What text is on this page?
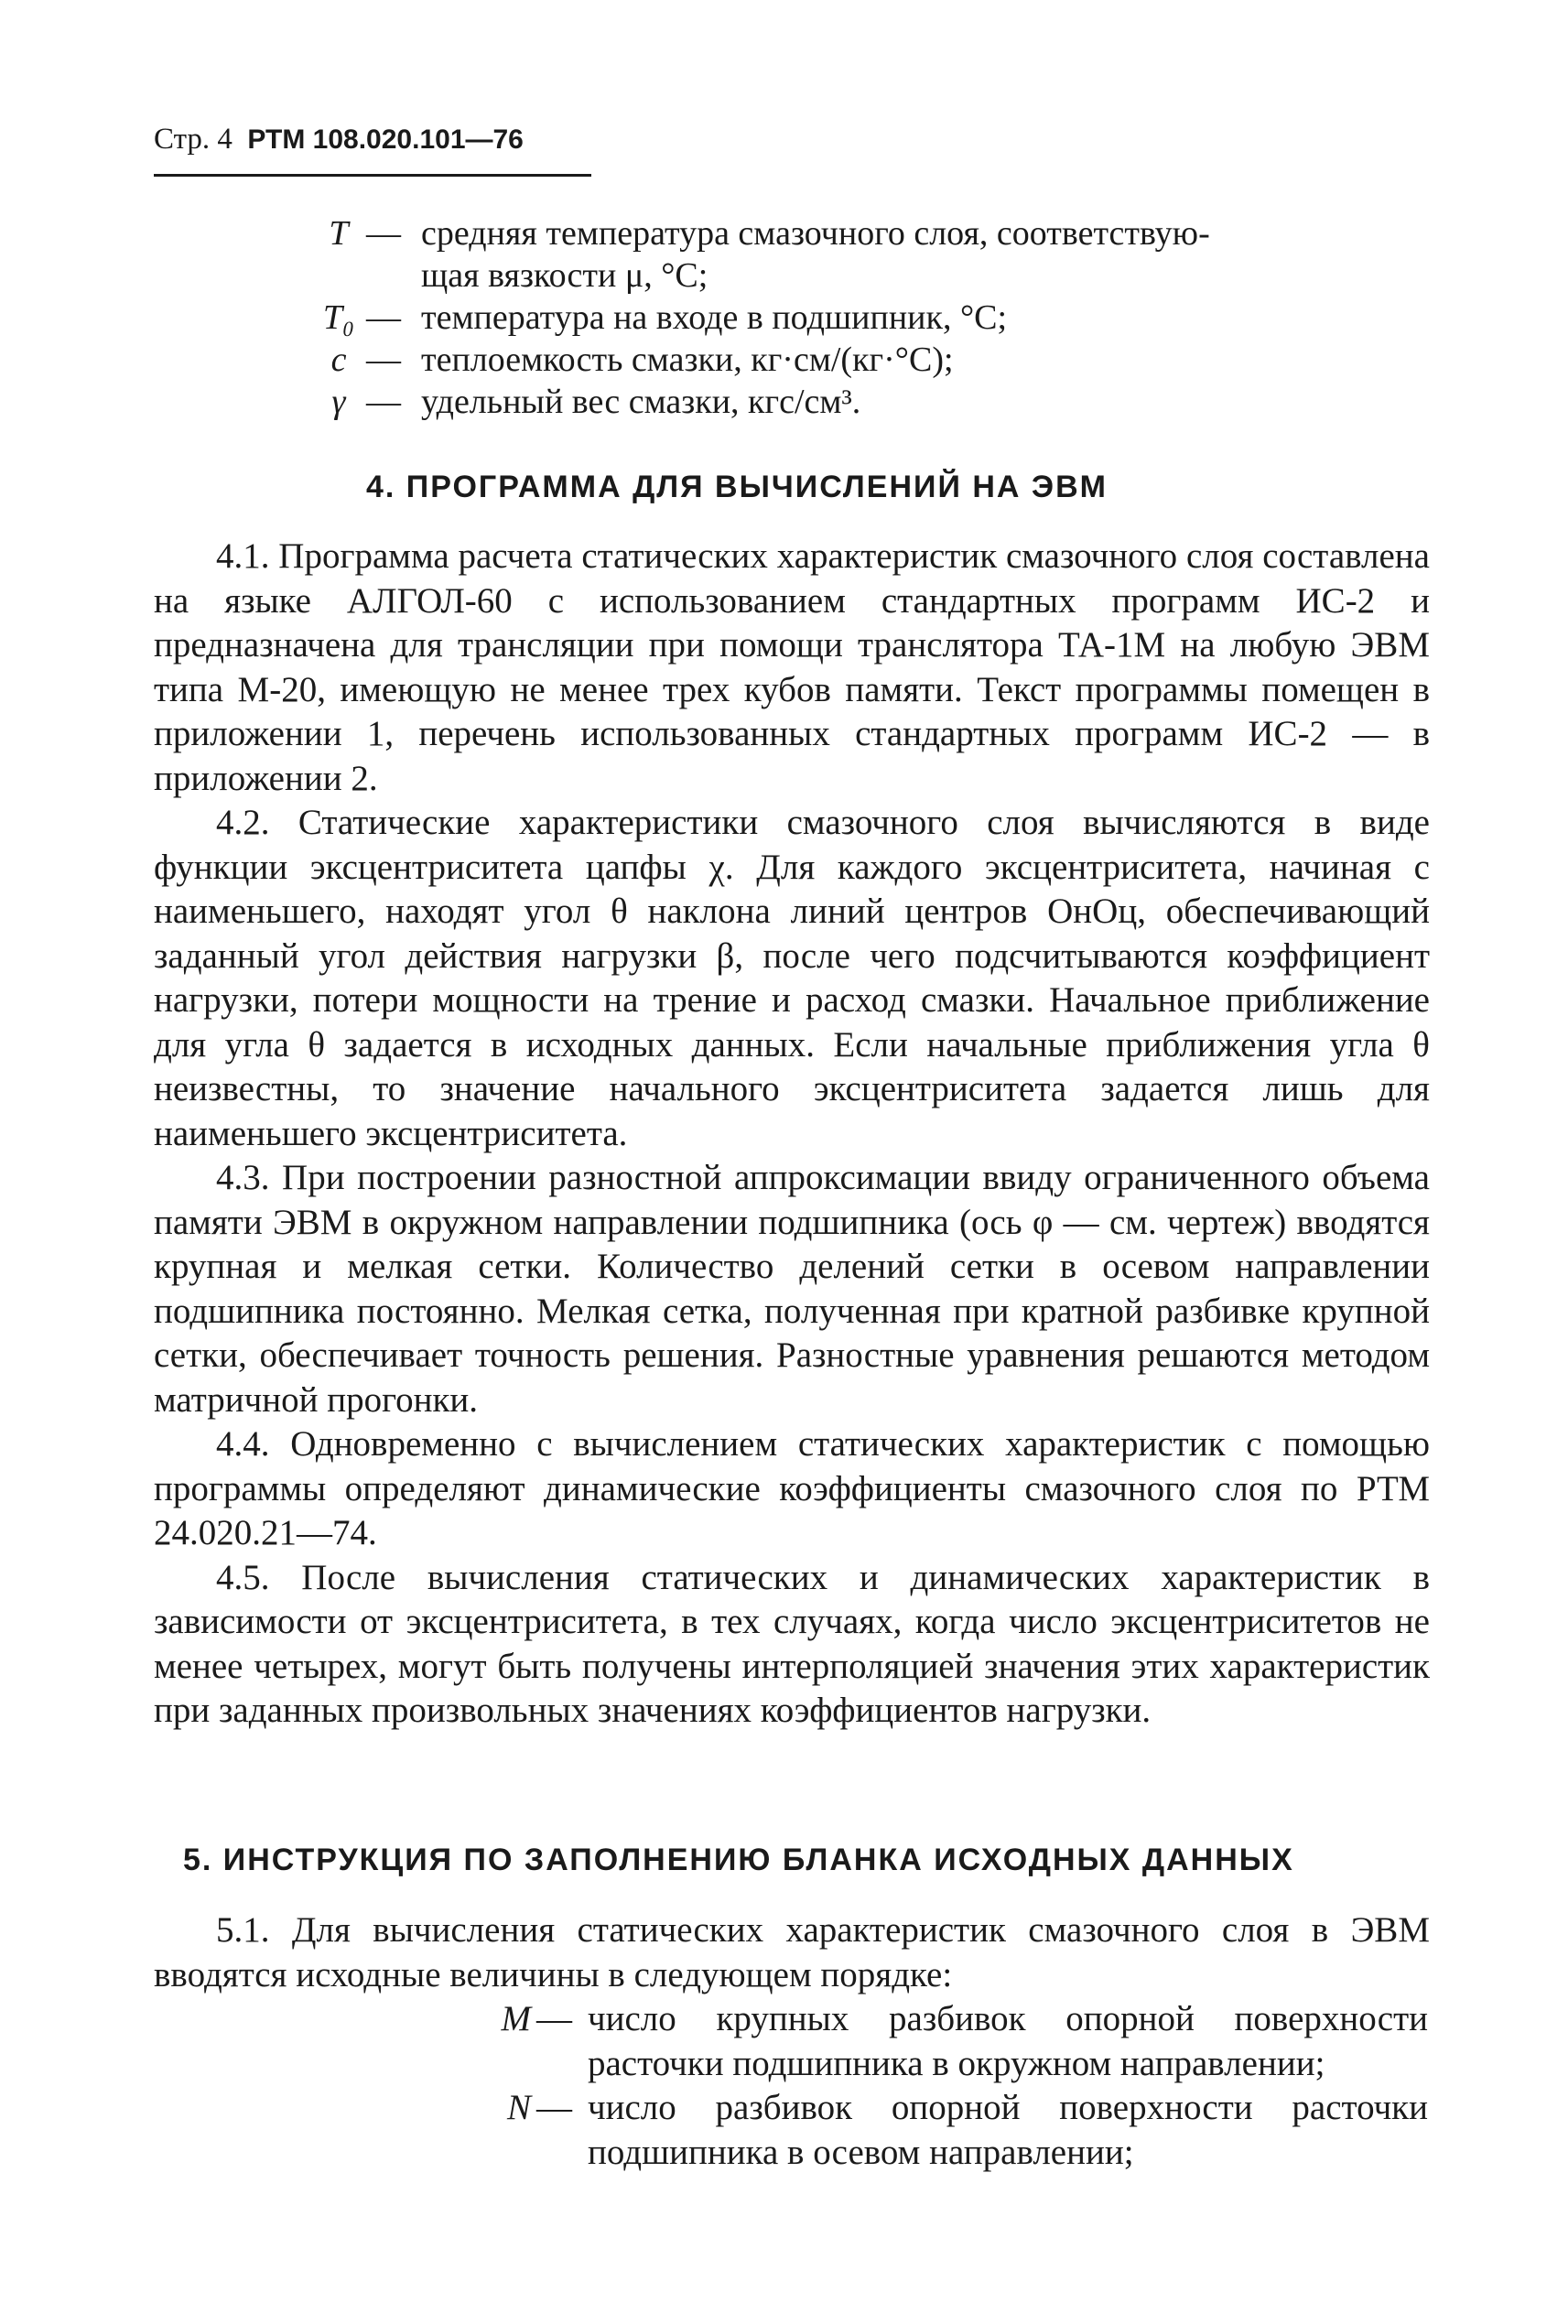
Стр. 4 РТМ 108.020.101—76
T — средняя температура смазочного слоя, соответствую-
щая вязкости μ, °C;
T₀ — температура на входе в подшипник, °С;
c — теплоемкость смазки, кг·см/(кг·°С);
γ — удельный вес смазки, кгс/см³.
4. ПРОГРАММА ДЛЯ ВЫЧИСЛЕНИЙ НА ЭВМ

4.1. Программа расчета статических характеристик смазочного слоя составлена на языке АЛГОЛ-60 с использованием стандартных программ ИС-2 и предназначена для трансляции при помощи транслятора ТА-1М на любую ЭВМ типа М-20, имеющую не менее трех кубов памяти. Текст программы помещен в приложении 1, перечень использованных стандартных программ ИС-2 — в приложении 2.

4.2. Статические характеристики смазочного слоя вычисляются в виде функции эксцентриситета цапфы χ. Для каждого эксцентриситета, начиная с наименьшего, находят угол θ наклона линий центров OнOц, обеспечивающий заданный угол действия нагрузки β, после чего подсчитываются коэффициент нагрузки, потери мощности на трение и расход смазки. Начальное приближение для угла θ задается в исходных данных. Если начальные приближения угла θ неизвестны, то значение начального эксцентриситета задается лишь для наименьшего эксцентриситета.

4.3. При построении разностной аппроксимации ввиду ограниченного объема памяти ЭВМ в окружном направлении подшипника (ось φ — см. чертеж) вводятся крупная и мелкая сетки. Количество делений сетки в осевом направлении подшипника постоянно. Мелкая сетка, полученная при кратной разбивке крупной сетки, обеспечивает точность решения. Разностные уравнения решаются методом матричной прогонки.

4.4. Одновременно с вычислением статических характеристик с помощью программы определяют динамические коэффициенты смазочного слоя по РТМ 24.020.21—74.

4.5. После вычисления статических и динамических характеристик в зависимости от эксцентриситета, в тех случаях, когда число эксцентриситетов не менее четырех, могут быть получены интерполяцией значения этих характеристик при заданных произвольных значениях коэффициентов нагрузки.

5. ИНСТРУКЦИЯ ПО ЗАПОЛНЕНИЮ БЛАНКА ИСХОДНЫХ ДАННЫХ

5.1. Для вычисления статических характеристик смазочного слоя в ЭВМ вводятся исходные величины в следующем порядке:

M — число крупных разбивок опорной поверхности расточки подшипника в окружном направлении;
N — число разбивок опорной поверхности расточки подшипника в осевом направлении;
